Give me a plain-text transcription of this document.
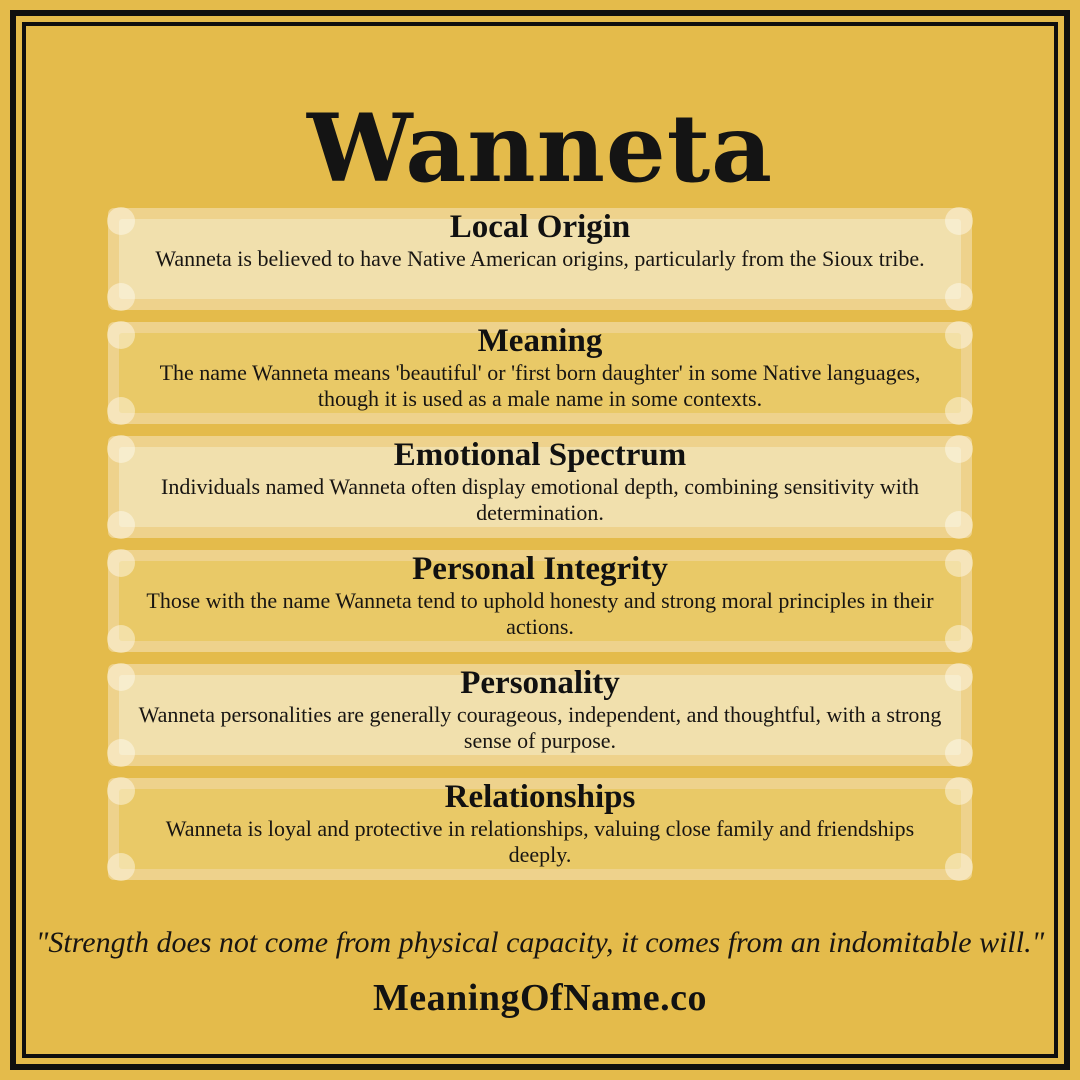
Wanneta
Local Origin

Wanneta is believed to have Native American origins, particularly from the Sioux tribe.

Meaning

The name Wanneta means 'beautiful' or 'first born daughter' in some Native languages, though it is used as a male name in some contexts.

Emotional Spectrum

Individuals named Wanneta often display emotional depth, combining sensitivity with determination.

Personal Integrity

Those with the name Wanneta tend to uphold honesty and strong moral principles in their actions.

Personality

Wanneta personalities are generally courageous, independent, and thoughtful, with a strong sense of purpose.

Relationships

Wanneta is loyal and protective in relationships, valuing close family and friendships deeply.

"Strength does not come from physical capacity, it comes from an indomitable will."
MeaningOfName.co
